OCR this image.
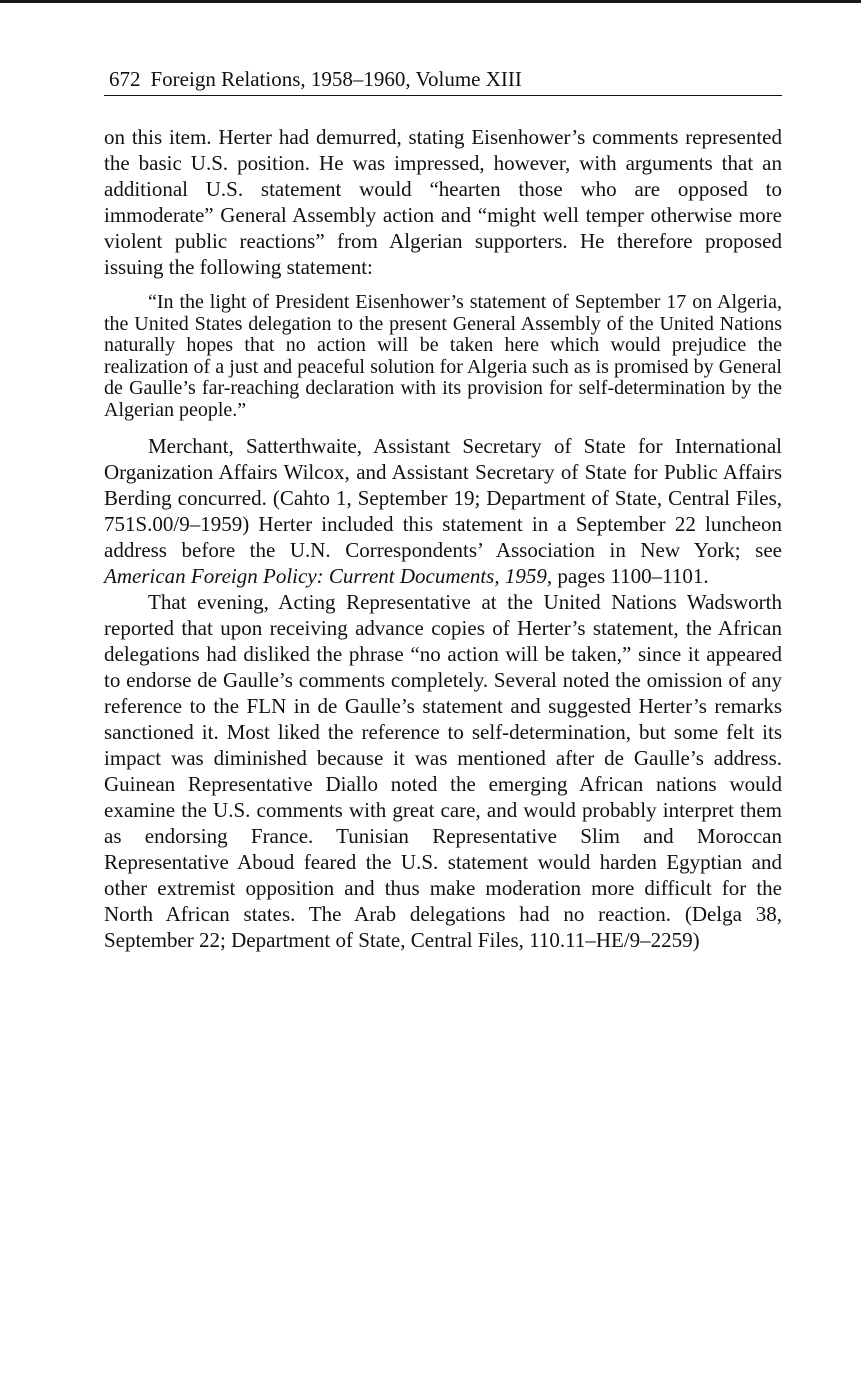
672 Foreign Relations, 1958–1960, Volume XIII

on this item. Herter had demurred, stating Eisenhower’s comments represented the basic U.S. position. He was impressed, however, with arguments that an additional U.S. statement would “hearten those who are opposed to immoderate” General Assembly action and “might well temper otherwise more violent public reactions” from Algerian supporters. He therefore proposed issuing the following statement:

“In the light of President Eisenhower’s statement of September 17 on Algeria, the United States delegation to the present General Assembly of the United Nations naturally hopes that no action will be taken here which would prejudice the realization of a just and peaceful solution for Algeria such as is promised by General de Gaulle’s far-reaching declaration with its provision for self-determination by the Algerian people.”

Merchant, Satterthwaite, Assistant Secretary of State for International Organization Affairs Wilcox, and Assistant Secretary of State for Public Affairs Berding concurred. (Cahto 1, September 19; Department of State, Central Files, 751S.00/9–1959) Herter included this statement in a September 22 luncheon address before the U.N. Correspondents’ Association in New York; see American Foreign Policy: Current Documents, 1959, pages 1100–1101.

That evening, Acting Representative at the United Nations Wadsworth reported that upon receiving advance copies of Herter’s statement, the African delegations had disliked the phrase “no action will be taken,” since it appeared to endorse de Gaulle’s comments completely. Several noted the omission of any reference to the FLN in de Gaulle’s statement and suggested Herter’s remarks sanctioned it. Most liked the reference to self-determination, but some felt its impact was diminished because it was mentioned after de Gaulle’s address. Guinean Representative Diallo noted the emerging African nations would examine the U.S. comments with great care, and would probably interpret them as endorsing France. Tunisian Representative Slim and Moroccan Representative Aboud feared the U.S. statement would harden Egyptian and other extremist opposition and thus make moderation more difficult for the North African states. The Arab delegations had no reaction. (Delga 38, September 22; Department of State, Central Files, 110.11–HE/9–2259)
